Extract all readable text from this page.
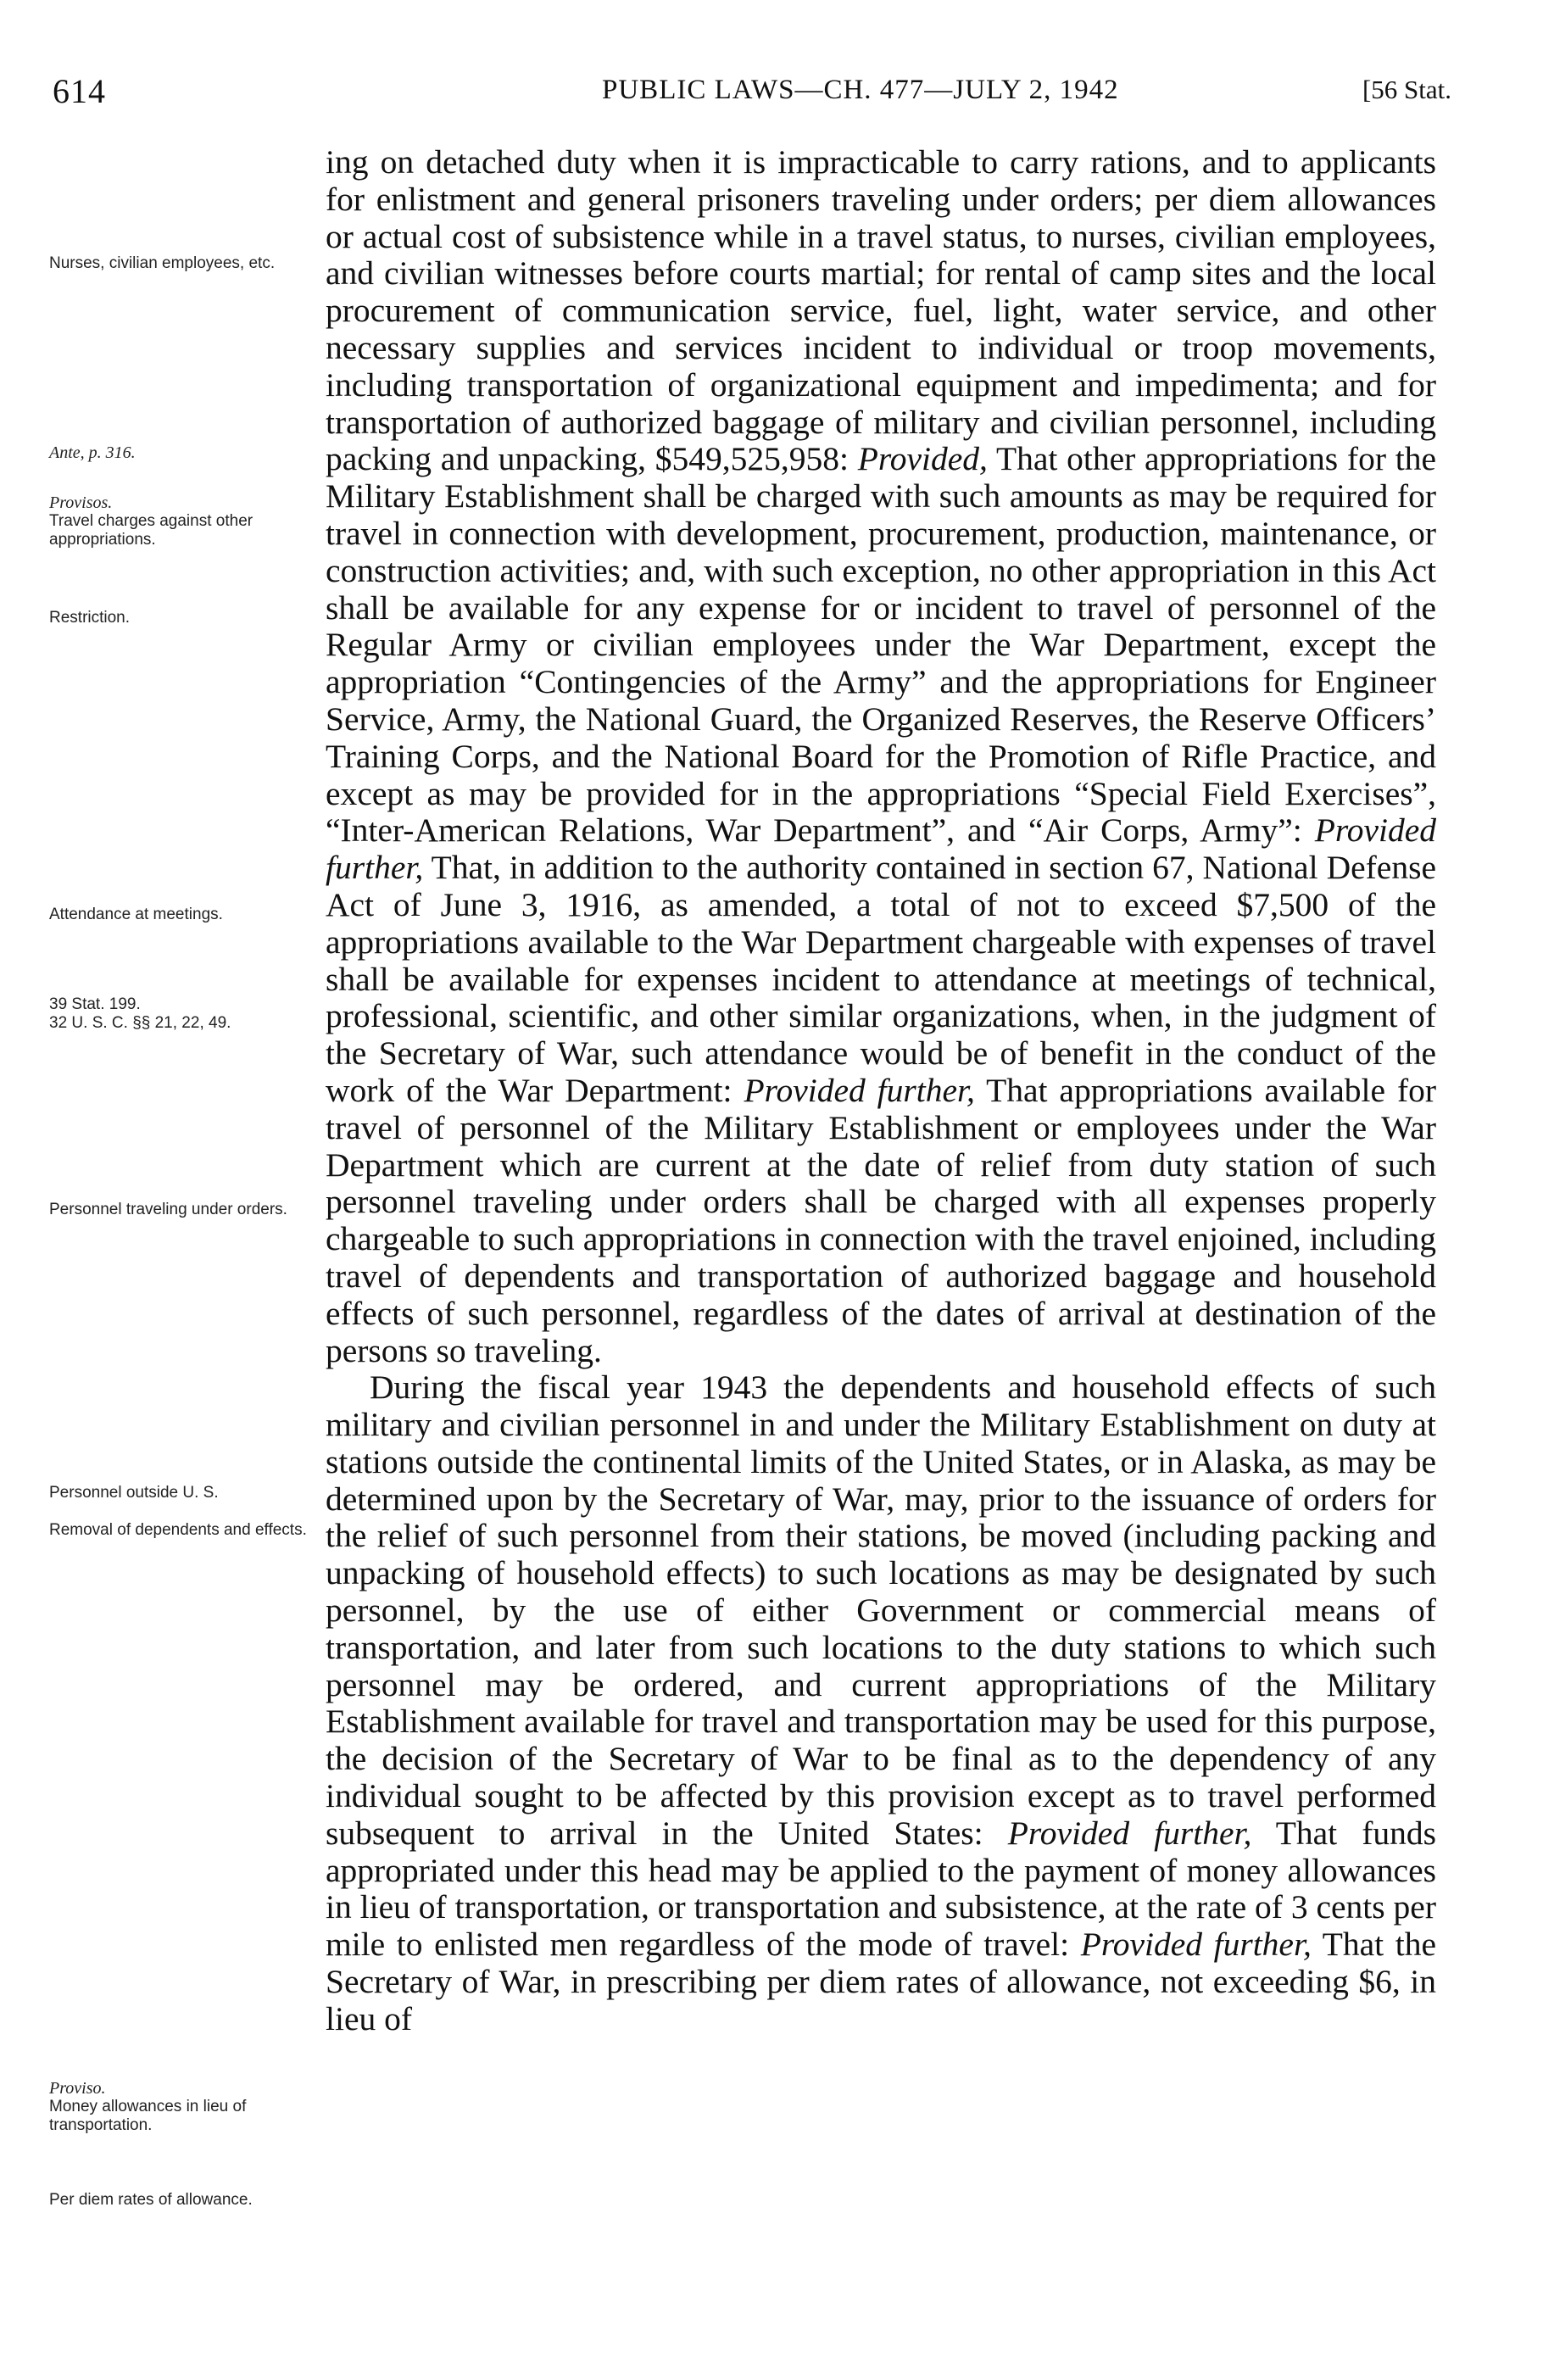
614	PUBLIC LAWS—CH. 477—JULY 2, 1942	[56 Stat.
Nurses, civilian employees, etc.
Ante, p. 316.
Provisos.
Travel charges against other appropriations.
Restriction.
Attendance at meetings.
39 Stat. 199.
32 U. S. C. §§ 21, 22, 49.
Personnel traveling under orders.
Personnel outside U. S.
Removal of dependents and effects.
Proviso.
Money allowances in lieu of transportation.
Per diem rates of allowance.

ing on detached duty when it is impracticable to carry rations, and to applicants for enlistment and general prisoners traveling under orders; per diem allowances or actual cost of subsistence while in a travel status, to nurses, civilian employees, and civilian witnesses before courts martial; for rental of camp sites and the local procurement of communication service, fuel, light, water service, and other necessary supplies and services incident to individual or troop movements, including transportation of organizational equipment and impedimenta; and for transportation of authorized baggage of military and civilian personnel, including packing and unpacking, $549,525,958: Provided, That other appropriations for the Military Establishment shall be charged with such amounts as may be required for travel in connection with development, procurement, production, maintenance, or construction activities; and, with such exception, no other appropriation in this Act shall be available for any expense for or incident to travel of personnel of the Regular Army or civilian employees under the War Department, except the appropriation “Contingencies of the Army” and the appropriations for Engineer Service, Army, the National Guard, the Organized Reserves, the Reserve Officers’ Training Corps, and the National Board for the Promotion of Rifle Practice, and except as may be provided for in the appropriations “Special Field Exercises”, “Inter-American Relations, War Department”, and “Air Corps, Army”: Provided further, That, in addition to the authority contained in section 67, National Defense Act of June 3, 1916, as amended, a total of not to exceed $7,500 of the appropriations available to the War Department chargeable with expenses of travel shall be available for expenses incident to attendance at meetings of technical, professional, scientific, and other similar organizations, when, in the judgment of the Secretary of War, such attendance would be of benefit in the conduct of the work of the War Department: Provided further, That appropriations available for travel of personnel of the Military Establishment or employees under the War Department which are current at the date of relief from duty station of such personnel traveling under orders shall be charged with all expenses properly chargeable to such appropriations in connection with the travel enjoined, including travel of dependents and transportation of authorized baggage and household effects of such personnel, regardless of the dates of arrival at destination of the persons so traveling.

During the fiscal year 1943 the dependents and household effects of such military and civilian personnel in and under the Military Establishment on duty at stations outside the continental limits of the United States, or in Alaska, as may be determined upon by the Secretary of War, may, prior to the issuance of orders for the relief of such personnel from their stations, be moved (including packing and unpacking of household effects) to such locations as may be designated by such personnel, by the use of either Government or commercial means of transportation, and later from such locations to the duty stations to which such personnel may be ordered, and current appropriations of the Military Establishment available for travel and transportation may be used for this purpose, the decision of the Secretary of War to be final as to the dependency of any individual sought to be affected by this provision except as to travel performed subsequent to arrival in the United States: Provided further, That funds appropriated under this head may be applied to the payment of money allowances in lieu of transportation, or transportation and subsistence, at the rate of 3 cents per mile to enlisted men regardless of the mode of travel: Provided further, That the Secretary of War, in prescribing per diem rates of allowance, not exceeding $6, in lieu of
